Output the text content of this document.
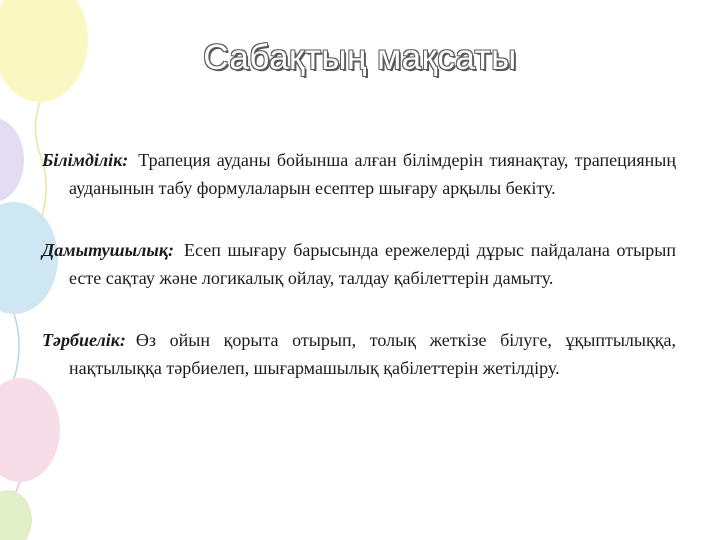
Сабақтың мақсаты

Білімділік: Трапеция ауданы бойынша алған білімдерін тиянақтау, трапецияның ауданынын табу формулаларын есептер шығару арқылы бекіту.

Дамытушылық: Есеп шығару барысында ережелерді дұрыс пайдалана отырып есте сақтау және логикалық ойлау, талдау қабілеттерін дамыту.

Тәрбиелік: Өз ойын қорыта отырып, толық жеткізе білуге, ұқыптылыққа, нақтылыққа тәрбиелеп, шығармашылық қабілеттерін жетілдіру.
